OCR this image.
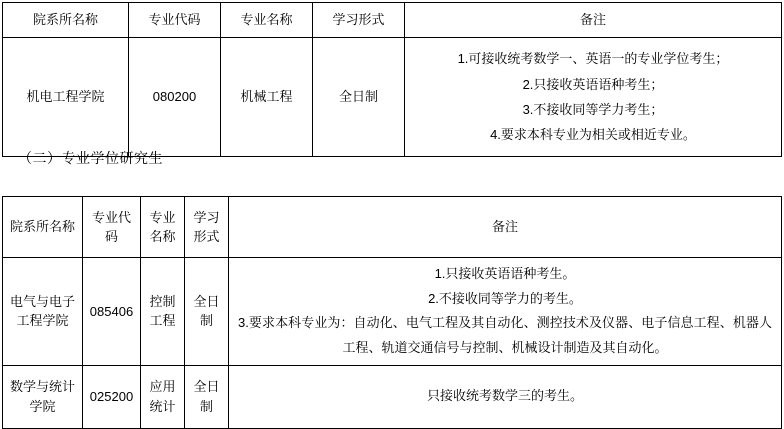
院系所名称	专业代码	专业名称	学习形式	备注
机电工程学院	080200	机械工程	全日制	1.可接收统考数学一、英语一的专业学位考生；
2.只接收英语语种考生；
3.不接收同等学力考生；
4.要求本科专业为相关或相近专业。
（二）专业学位研究生
院系所名称	专业代码	专业名称	学习形式	备注
电气与电子工程学院	085406	控制工程	全日制	1.只接收英语语种考生。
2.不接收同等学力的考生。
3.要求本科专业为：自动化、电气工程及其自动化、测控技术及仪器、电子信息工程、机器人工程、轨道交通信号与控制、机械设计制造及其自动化。

数学与统计学院	025200	应用统计	全日制	只接收统考数学三的考生。
